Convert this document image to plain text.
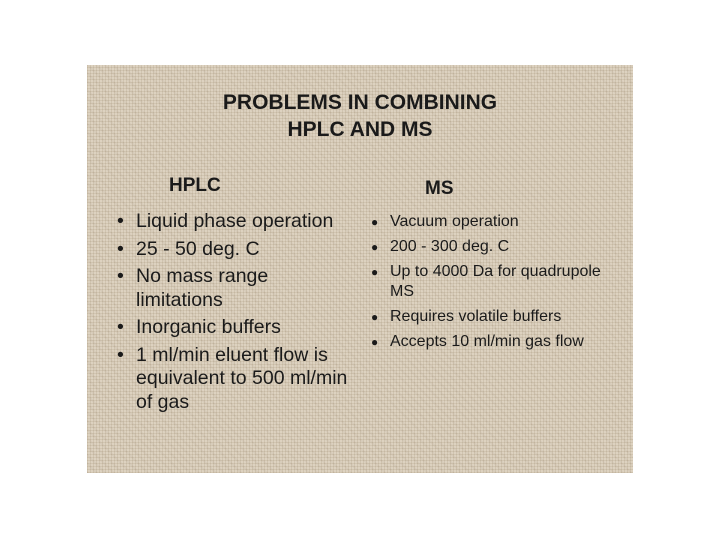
PROBLEMS IN COMBINING
HPLC AND MS
HPLC	MS
• Liquid phase operation
• 25 - 50 deg. C
• No mass range limitations
• Inorganic buffers
• 1 ml/min eluent flow is equivalent to 500 ml/min of gas
● Vacuum operation
● 200 - 300 deg. C
● Up to 4000 Da for quadrupole MS
● Requires volatile buffers
● Accepts 10 ml/min gas flow
